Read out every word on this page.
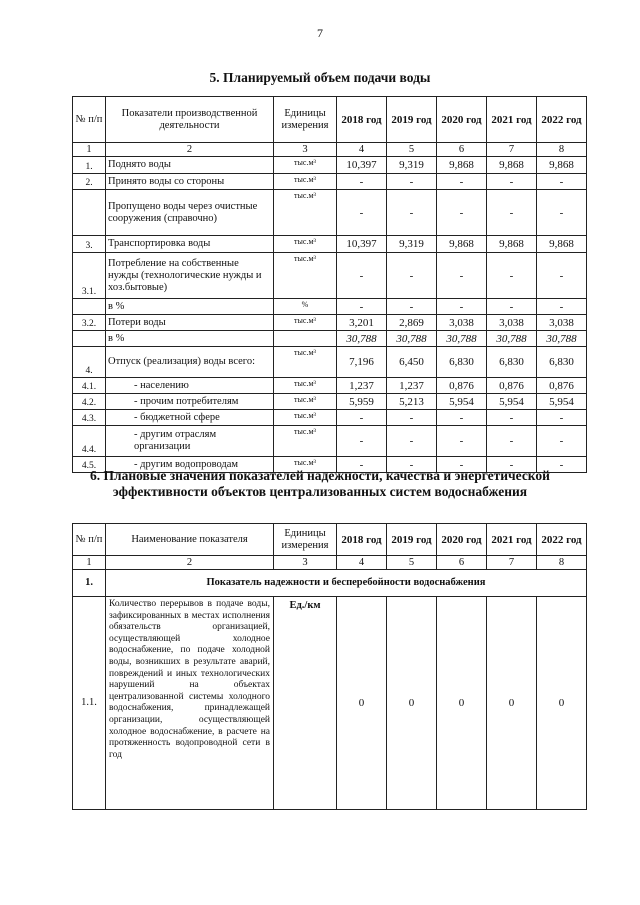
7
5. Планируемый объем подачи воды
№ п/п	Показатели производственной деятельности	Единицы измерения	2018 год	2019 год	2020 год	2021 год	2022 год
1	2	3	4	5	6	7	8
1.	Поднято воды	тыс.м³	10,397	9,319	9,868	9,868	9,868
2.	Принято воды со стороны	тыс.м³	-	-	-	-	-
	Пропущено воды через очистные сооружения (справочно)	тыс.м³	-	-	-	-	-
3.	Транспортировка воды	тыс.м³	10,397	9,319	9,868	9,868	9,868
3.1.	Потребление на собственные нужды (технологические нужды и хоз.бытовые)	тыс.м³	-	-	-	-	-
	в %	%	-	-	-	-	-
3.2.	Потери воды	тыс.м³	3,201	2,869	3,038	3,038	3,038
	в %		30,788	30,788	30,788	30,788	30,788
4.	Отпуск (реализация) воды всего:	тыс.м³	7,196	6,450	6,830	6,830	6,830
4.1.	- населению	тыс.м³	1,237	1,237	0,876	0,876	0,876
4.2.	- прочим потребителям	тыс.м³	5,959	5,213	5,954	5,954	5,954
4.3.	- бюджетной сфере	тыс.м³	-	-	-	-	-
4.4.	- другим отраслям организации	тыс.м³	-	-	-	-	-
4.5.	- другим водопроводам	тыс.м³	-	-	-	-	-
6. Плановые значения показателей надежности, качества и энергетической эффективности объектов централизованных систем водоснабжения
№ п/п	Наименование показателя	Единицы измерения	2018 год	2019 год	2020 год	2021 год	2022 год
1	2	3	4	5	6	7	8
1.	Показатель надежности и бесперебойности водоснабжения						
1.1.	Количество перерывов в подаче воды, зафиксированных в местах исполнения обязательств организацией, осуществляющей холодное водоснабжение, по подаче холодной воды, возникших в результате аварий, повреждений и иных технологических нарушений на объектах централизованной системы холодного водоснабжения, принадлежащей организации, осуществляющей холодное водоснабжение, в расчете на протяженность водопроводной сети в год	Ед./км	0	0	0	0	0
